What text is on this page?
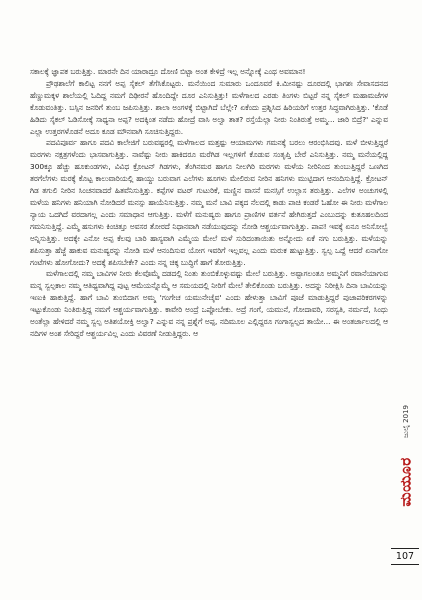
ಸಕಾಲಕ್ಕೆ ಜ್ಞಾಪಕ ಬರುತ್ತಿತ್ತು. ಮಾರನೇ ದಿನ ಯಾರಾದ್ರೂ ದೋಣಿ ಬಿಟ್ಟಾ ಅಂತ ಕೇಳಿದ್ರೆ ಇಲ್ಲ ಅನ್ನೋಕ್ಕೆ ಎಂಥ ಅವಮಾನ!

ಪ್ರೌಢಶಾಲೆಗೆ ಕಾಲಿಟ್ಟ ನನಗೆ ಅಪ್ಪ ಸೈಕಲ್ ತೆಗೆಸಿಕೊಟ್ಟರು. ಮನೆಯಿಂದ ಸುಮಾರು ಒಂದೂವರೆ ಕಿ.ಮೀನಷ್ಟು ದೂರದಲ್ಲಿ ಭಾಗಶಃ ಸೇವಾಸದನದ ಹೆಣ್ಣುಮಕ್ಕಳ ಶಾಲೆಯಲ್ಲಿ ಓದಿದ್ದ ನಮಗೆ ದಿಢೀರನೆ ಹೊಂದಿದ್ದೇ ದೂರ ಎನಿಸುತ್ತಿತ್ತು! ಮಳೆಗಾಲದ ಎರಡು ತಿಂಗಳು ಬಿಟ್ಟರೆ ನನ್ನ ಸೈಕಲ್ ಮಹಾಮಜೆಗಳ ಕೊಡುವಂತಿತ್ತು. ಬಸ್ಸಿನ ಜನರಿಗೆ ತುಂಬ ಜಪಿಸುತ್ತಿತ್ತು. ಶಾಲಾ ಅಂಗಳಕ್ಕೆ ಬಿಟ್ಟಾಗಿದೆ ಬೆಲ್ಲೇ? ಏಕೆಂದು ಪ್ರಶ್ನಿಸಿದ ಹಿರಿಯರಿಗೆ ಉತ್ತರ ಸಿದ್ಧವಾಗಿರುತ್ತಿತ್ತು. 'ಕೊಡೆ ಹಿಡಿದು ಸೈಕಲ್ ಓಡಿಸೋಕ್ಕೆ ಸಾಧ್ಯನಾ ಅಪ್ಪ? ಅದಕ್ಕಿಂತ ನಡೆದು ಹೋದ್ರೆ ವಾಸಿ ಅಲ್ವಾ ತಾತ? ರಸ್ತೆಯೆಲ್ಲಾ ನೀರು ನಿಂತಿರುತ್ತೆ ಅಮ್ಮ... ಜಾರಿ ಬಿದ್ರೆ?' ಎನ್ನುವ ಎಲ್ಲಾ ಉತ್ತರಗಳೊಡನೆ ಅದೂ ಕೂಡ ಮೌನವಾಗಿ ಸೂಚಿಸುತ್ತಿದ್ದರು.

ಪದವಿಪೂರ್ವ ಹಾಗೂ ಪದವಿ ಕಾಲೇಜಿಗೆ ಬರುವಷ್ಟರಲ್ಲಿ ಮಳೆಗಾಲದ ಮತ್ತಷ್ಟು ಆಯಾಮಗಳು ಗಮನಕ್ಕೆ ಬರಲು ಆರಂಭಿಸಿದವು. ಮಳೆ ಬೀಳುತ್ತಿದ್ದರೆ ಮರಗಳು ನಕ್ಷತ್ರಗಳೆಂದು ಭಾಸವಾಗುತ್ತಿತ್ತು. ನಾವೆಷ್ಟು ನೀರು ಹಾಕಿದರೂ ಮರೆಗಿಡ ಇಲ್ಲಗಳಿಗೆ ಕೊಡುವ ಸಂತೃಪ್ತಿ ಬೇರೆ ಎನಿಸುತ್ತಿತ್ತು. ನಮ್ಮ ಮನೆಯಲ್ಲಿದ್ದ 300ಕ್ಕೂ ಹೆಚ್ಚು ಹೂಕುಂಡಗಳು, ವಿವಿಧ ಕ್ರೋಟನ್ ಗಿಡಗಳು, ತೆಂಗಿನಮರ ಹಾಗೂ ನೀಲಗಿರಿ ಮರಗಳು ಮಳೆಯ ನೀರಿನಿಂದ ತುಂಬುತ್ತಿದ್ದರೆ ಒಣಗಿದ ತರಗೆಲೆಗಳು ಮರಕ್ಕೆ ಕೊಟ್ಟ ಕಾಲುವಾರಿಯಲ್ಲಿ ಹಾಯ್ದು ಬರುವಾಗ ಎಲೆಗಳು ಹೂಗಳು ಮೇಲಿರುವ ನೀರಿನ ಹನಿಗಳು ಮುಟ್ಟಿದಾಗ ಆನಂದಿಸುತ್ತಿದ್ದೆ. ಕ್ರೋಟನ್ ಗಿಡ ತಗುಲಿ ನೀರಿನ ಸಿಂಚನವಾದರೆ ಹಿತವೆನಿಸುತ್ತಿತ್ತು. ಕಪ್ಪೆಗಳ ವಟರ್ ಗುಟುರಿಕೆ, ಮಣ್ಣಿನ ವಾಸನೆ ಮನಸ್ಸಿಗೆ ಉಲ್ಲಾಸ ತರುತ್ತಿತ್ತು. ಎಲೆಗಳ ಅಂಚುಗಳಲ್ಲಿ ಮಳೆಯ ಹನಿಗಳು ಹನಿಯಾಗಿ ನೋಡಿದರೆ ಮನಸ್ಸು ಹಾಯೆನಿಸುತ್ತಿತ್ತು. ನಮ್ಮ ಮನೆ ಬಾವಿ ಪಕ್ಕದ ನೆಲದಲ್ಲಿ ಕಾಡು ಪಾಚಿ ಕಂಡರೆ ಓಹೋ ಈ ನೀರು ಮಳೆಗಾಲ ನ್ಯಾಯ ಒದಗಿದೆ ವರದಾಗಲ್ಲ ಎಂದು ಸಮಾಧಾನ ಆಗುತ್ತಿತ್ತು. ಮಳೆಗೆ ಮನುಷ್ಯರು ಹಾಗೂ ಪ್ರಾಣಿಗಳ ವರ್ತನೆ ಹೇಗಿರುತ್ತದೆ ಎಂಬುದನ್ನು ಕುತೂಹಲದಿಂದ ಗಮನಿಸುತ್ತಿದ್ದೆ. ಎಮ್ಮೆ ಹಸುಗಳು ಕಿಂಚಿತ್ತೂ ಅವಸರ ತೋರದೆ ನಿಧಾನವಾಗಿ ನಡೆಯುವುದನ್ನು ನೋಡಿ ಆಶ್ಚರ್ಯವಾಗುತ್ತಿತ್ತು. ಪಾಪ! ಇವಕ್ಕೆ ಏನೂ ಅನಿಸೋಲ್ವೆ ಅನ್ನಿಸುತ್ತಿತ್ತು. ಅದಕ್ಕೇ ಎನೋ ಅಪ್ಪ ಕೆಲವು ಬಾರಿ ಹಾಸ್ಯವಾಗಿ ಎಮ್ಮೆಯ ಮೇಲೆ ಮಳೆ ಸುರಿದಂತಾಯಿತು ಅನ್ನೋದು ಏಕೆ ನಗು ಬರುತ್ತಿತ್ತು. ಮಳೆಯನ್ನು ಶಪಿಸುತ್ತಾ ಹೆಜ್ಜೆ ಹಾಕುವ ಮನುಷ್ಯರನ್ನು ನೋಡಿ ಮಳೆ ಆನಂದಿಸುವ ಯೋಗ ಇವರಿಗೆ ಇಲ್ಲವಲ್ಲ ಎಂದು ಮರುಕ ಹುಟ್ಟುತ್ತಿತ್ತು. ಸ್ವಲ್ಪ ಒದ್ದೆ ಆದರೆ ಏನಾಗೋ ಗಂಟೆಗಳು ಹೋಗೋದು? ಅದಕ್ಕೆ ಶಪಿಸಬೇಕೇ? ಎಂದು ನನ್ನ ಚಿಕ್ಕ ಬುದ್ಧಿಗೆ ಹಾಗೆ ತೋರುತ್ತಿತ್ತು.

ಮಳೆಗಾಲದಲ್ಲಿ ನಮ್ಮ ಬಾವಿಗಳ ನೀರು ಕೆಲವೊಮ್ಮೆ ದಡದಲ್ಲಿ ನಿಂತು ತುಂಬಿಕೊಳ್ಳುವಷ್ಟು ಮೇಲೆ ಬರುತ್ತಿತ್ತು. ಅಷ್ಟಾಗಲಂತೂ ಅಮ್ಮನಿಗೆ ರವಾನೆಯಾಗುವ ಮನ್ನ ಸ್ವಲ್ಪಕಾಲ ನಮ್ಮ ಆತಿಥ್ಯವಾಗಿದ್ದ ಪುಟ್ಟ ಆಮೆಯನ್ನೊಮ್ಮೆ ಆ ಸಮಯದಲ್ಲಿ ನೀರಿಗೆ ಮೇಲೆ ತೇಲಿಕೊಂಡು ಬರುತ್ತಿತ್ತು. ಅದನ್ನು ನಿರೀಕ್ಷಿಸಿ ದಿನಾ ಬಾವಿಯನ್ನು ಇಣುಕಿ ಹಾಕುತ್ತಿದ್ದೆ. ಹಾಗೆ ಬಾವಿ ತುಂಬಿದಾಗ ಅಮ್ಮ 'ಗಂಗೇಚ ಯಮುನೇಚೈವ' ಎಂದು ಹೇಳುತ್ತಾ ಬಾವಿಗೆ ಪೂಜೆ ಮಾಡುತ್ತಿದ್ದರೆ ಪುಜಾಪರಿಕರಗಳನ್ನು ಇಟ್ಟುಕೊಂಡು ನಿಂತಿರುತ್ತಿದ್ದ ನಮಗೆ ಆಶ್ಚರ್ಯವಾಗುತ್ತಿತ್ತು. ಕಾವೇರಿ ಅಂದ್ರೆ ಒಪ್ಪೋಬೇಕು. ಅದ್ರೆ ಗಂಗೆ, ಯಮುನೆ, ಗೋದಾವರಿ, ಸರಸ್ವತಿ, ನರ್ಮದೆ, ಸಿಂಧು ಅಂತೆಲ್ಲಾ ಹೇಳಿದರೆ ನಮ್ಮ ಸ್ವಲ್ಪ ಅತಿಶಯೋಕ್ತಿ ಅಲ್ವಾ? ಎನ್ನುವ ನನ್ನ ಪ್ರಶ್ನೆಗೆ ಅಪ್ಪ, ನದಿಮೂಲ ಎಲ್ಲಿದ್ದರೂ ಗಂಗಾಸ್ವಲ್ಪದ ತಾಯೇ... ಈ ಅಂತರ್ಜಾಲದಲ್ಲಿ ಆ ನದಿಗಳ ಅಂಶ ಸೇರಿದ್ದರೆ ಆಶ್ಚರ್ಯವಿಲ್ಲ ಎಂದು ವಿವರಣೆ ನೀಡುತ್ತಿದ್ದರು. ಆ

ಜುಲೈ 2019
ಮಯೂರ
107
